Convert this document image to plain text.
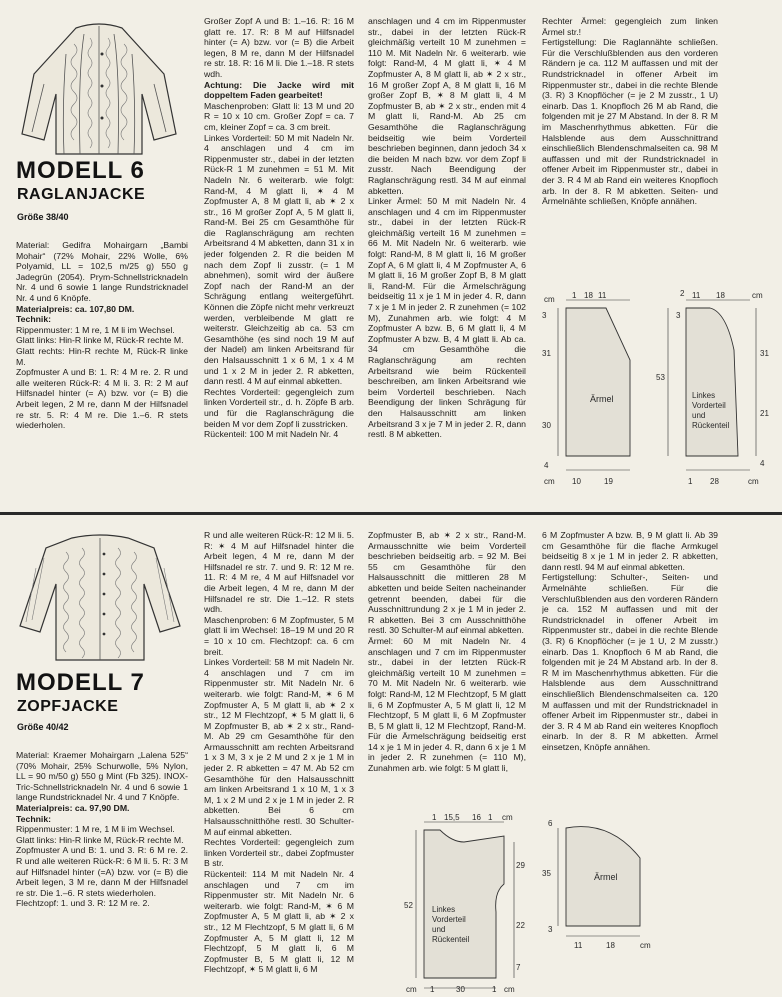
MODELL 6
RAGLANJACKE
Größe 38/40

Material: Gedifra Mohairgarn „Bambi Mohair“ (72% Mohair, 22% Wolle, 6% Polyamid, LL = 102,5 m/25 g) 550 g Jadegrün (2054). Prym-Schnellstricknadeln Nr. 4 und 6 sowie 1 lange Rundstricknadel Nr. 4 und 6 Knöpfe.

Materialpreis: ca. 107,80 DM.

Technik:

Rippenmuster: 1 M re, 1 M li im Wechsel.

Glatt links: Hin-R linke M, Rück-R rechte M.

Glatt rechts: Hin-R rechte M, Rück-R linke M.

Zopfmuster A und B: 1. R: 4 M re. 2. R und alle weiteren Rück-R: 4 M li. 3. R: 2 M auf Hilfsnadel hinter (= A) bzw. vor (= B) die Arbeit legen, 2 M re, dann M der Hilfsnadel re str. 5. R: 4 M re. Die 1.–6. R stets wiederholen.

Großer Zopf A und B: 1.–16. R: 16 M glatt re. 17. R: 8 M auf Hilfsnadel hinter (= A) bzw. vor (= B) die Arbeit legen, 8 M re, dann M der Hilfsnadel re str. 18. R: 16 M li. Die 1.–18. R stets wdh.

Achtung: Die Jacke wird mit doppeltem Faden gearbeitet!

Maschenproben: Glatt li: 13 M und 20 R = 10 x 10 cm. Großer Zopf = ca. 7 cm, kleiner Zopf = ca. 3 cm breit.

Linkes Vorderteil: 50 M mit Nadeln Nr. 4 anschlagen und 4 cm im Rippenmuster str., dabei in der letzten Rück-R 1 M zunehmen = 51 M. Mit Nadeln Nr. 6 weiterarb. wie folgt: Rand-M, 4 M glatt li, ✶ 4 M Zopfmuster A, 8 M glatt li, ab ✶ 2 x str., 16 M großer Zopf A, 5 M glatt li, Rand-M. Bei 25 cm Gesamthöhe für die Raglanschrägung am rechten Arbeitsrand 4 M abketten, dann 31 x in jeder folgenden 2. R die beiden M nach dem Zopf li zusstr. (= 1 M abnehmen), somit wird der äußere Zopf nach der Rand-M an der Schrägung entlang weitergeführt. Können die Zöpfe nicht mehr verkreuzt werden, verbleibende M glatt re weiterstr. Gleichzeitig ab ca. 53 cm Gesamthöhe (es sind noch 19 M auf der Nadel) am linken Arbeitsrand für den Halsausschnitt 1 x 6 M, 1 x 4 M und 1 x 2 M in jeder 2. R abketten, dann restl. 4 M auf einmal abketten.

Rechtes Vorderteil: gegengleich zum linken Vorderteil str., d. h. Zöpfe B arb. und für die Raglanschrägung die beiden M vor dem Zopf li zusstricken.

Rückenteil: 100 M mit Nadeln Nr. 4

anschlagen und 4 cm im Rippenmuster str., dabei in der letzten Rück-R gleichmäßig verteilt 10 M zunehmen = 110 M. Mit Nadeln Nr. 6 weiterarb. wie folgt: Rand-M, 4 M glatt li, ✶ 4 M Zopfmuster A, 8 M glatt li, ab ✶ 2 x str., 16 M großer Zopf A, 8 M glatt li, 16 M großer Zopf B, ✶ 8 M glatt li, 4 M Zopfmuster B, ab ✶ 2 x str., enden mit 4 M glatt li, Rand-M. Ab 25 cm Gesamthöhe die Raglanschrägung beidseitig wie beim Vorderteil beschrieben beginnen, dann jedoch 34 x die beiden M nach bzw. vor dem Zopf li zusstr. Nach Beendigung der Raglanschrägung restl. 34 M auf einmal abketten.

Linker Ärmel: 50 M mit Nadeln Nr. 4 anschlagen und 4 cm im Rippenmuster str., dabei in der letzten Rück-R gleichmäßig verteilt 16 M zunehmen = 66 M. Mit Nadeln Nr. 6 weiterarb. wie folgt: Rand-M, 8 M glatt li, 16 M großer Zopf A, 6 M glatt li, 4 M Zopfmuster A, 6 M glatt li, 16 M großer Zopf B, 8 M glatt li, Rand-M. Für die Ärmelschrägung beidseitig 11 x je 1 M in jeder 4. R, dann 7 x je 1 M in jeder 2. R zunehmen (= 102 M), Zunahmen arb. wie folgt: 4 M Zopfmuster A bzw. B, 6 M glatt li, 4 M Zopfmuster A bzw. B, 4 M glatt li. Ab ca. 34 cm Gesamthöhe die Raglanschrägung am rechten Arbeitsrand wie beim Rückenteil beschreiben, am linken Arbeitsrand wie beim Vorderteil beschrieben. Nach Beendigung der linken Schrägung für den Halsausschnitt am linken Arbeitsrand 3 x je 7 M in jeder 2. R, dann restl. 8 M abketten.

Rechter Ärmel: gegengleich zum linken Ärmel str.!

Fertigstellung: Die Raglannähte schließen. Für die Verschlußblenden aus den vorderen Rändern je ca. 112 M auffassen und mit der Rundstricknadel in offener Arbeit im Rippenmuster str., dabei in die rechte Blende (3. R) 3 Knopflöcher (= je 2 M zusstr., 1 U) einarb. Das 1. Knopfloch 26 M ab Rand, die folgenden mit je 27 M Abstand. In der 8. R M im Maschenrhythmus abketten. Für die Halsblende aus dem Ausschnittrand einschließlich Blendenschmalseiten ca. 98 M auffassen und mit der Rundstricknadel in offener Arbeit im Rippenmuster str., dabei in der 3. R 4 M ab Rand ein weiteres Knopfloch arb. In der 8. R M abketten. Seiten- und Ärmelnähte schließen, Knöpfe annähen.

cm 1 18 11
3
31
30
4
cm 10	19
Ärmel
2 11 18	cm
3
53
31
21
4
1 28	cm
Linkes
Vorderteil
und
Rückenteil
MODELL 7
ZOPFJACKE
Größe 40/42

Material: Kraemer Mohairgarn „Lalena 525“ (70% Mohair, 25% Schurwolle, 5% Nylon, LL = 90 m/50 g) 550 g Mint (Fb 325). INOX-Tric-Schnellstricknadeln Nr. 4 und 6 sowie 1 lange Rundstricknadel Nr. 4 und 7 Knöpfe.

Materialpreis: ca. 97,90 DM.

Technik:

Rippenmuster: 1 M re, 1 M li im Wechsel.

Glatt links: Hin-R linke M, Rück-R rechte M.

Zopfmuster A und B: 1. und 3. R: 6 M re. 2. R und alle weiteren Rück-R: 6 M li. 5. R: 3 M auf Hilfsnadel hinter (=A) bzw. vor (= B) die Arbeit legen, 3 M re, dann M der Hilfsnadel re str. Die 1.–6. R stets wiederholen.

Flechtzopf: 1. und 3. R: 12 M re. 2.

R und alle weiteren Rück-R: 12 M li. 5. R: ✶ 4 M auf Hilfsnadel hinter die Arbeit legen, 4 M re, dann M der Hilfsnadel re str. 7. und 9. R: 12 M re. 11. R: 4 M re, 4 M auf Hilfsnadel vor die Arbeit legen, 4 M re, dann M der Hilfsnadel re str. Die 1.–12. R stets wdh.

Maschenproben: 6 M Zopfmuster, 5 M glatt li im Wechsel: 18–19 M und 20 R = 10 x 10 cm. Flechtzopf: ca. 6 cm breit.

Linkes Vorderteil: 58 M mit Nadeln Nr. 4 anschlagen und 7 cm im Rippenmuster str. Mit Nadeln Nr. 6 weiterarb. wie folgt: Rand-M, ✶ 6 M Zopfmuster A, 5 M glatt li, ab ✶ 2 x str., 12 M Flechtzopf, ✶ 5 M glatt li, 6 M Zopfmuster B, ab ✶ 2 x str., Rand-M. Ab 29 cm Gesamthöhe für den Armausschnitt am rechten Arbeitsrand 1 x 3 M, 3 x je 2 M und 2 x je 1 M in jeder 2. R abketten = 47 M. Ab 52 cm Gesamthöhe für den Halsausschnitt am linken Arbeitsrand 1 x 10 M, 1 x 3 M, 1 x 2 M und 2 x je 1 M in jeder 2. R abketten. Bei 6 cm Halsausschnitthöhe restl. 30 Schulter-M auf einmal abketten.

Rechtes Vorderteil: gegengleich zum linken Vorderteil str., dabei Zopfmuster B str.

Rückenteil: 114 M mit Nadeln Nr. 4 anschlagen und 7 cm im Rippenmuster str. Mit Nadeln Nr. 6 weiterarb. wie folgt: Rand-M, ✶ 6 M Zopfmuster A, 5 M glatt li, ab ✶ 2 x str., 12 M Flechtzopf, 5 M glatt li, 6 M Zopfmuster A, 5 M glatt li, 12 M Flechtzopf, 5 M glatt li, 6 M Zopfmuster B, 5 M glatt li, 12 M Flechtzopf, ✶ 5 M glatt li, 6 M

Zopfmuster B, ab ✶ 2 x str., Rand-M. Armausschnitte wie beim Vorderteil beschrieben beidseitig arb. = 92 M. Bei 55 cm Gesamthöhe für den Halsausschnitt die mittleren 28 M abketten und beide Seiten nacheinander getrennt beenden, dabei für die Ausschnittrundung 2 x je 1 M in jeder 2. R abketten. Bei 3 cm Ausschnitthöhe restl. 30 Schulter-M auf einmal abketten.

Ärmel: 60 M mit Nadeln Nr. 4 anschlagen und 7 cm im Rippenmuster str., dabei in der letzten Rück-R gleichmäßig verteilt 10 M zunehmen = 70 M. Mit Nadeln Nr. 6 weiterarb. wie folgt: Rand-M, 12 M Flechtzopf, 5 M glatt li, 6 M Zopfmuster A, 5 M glatt li, 12 M Flechtzopf, 5 M glatt li, 6 M Zopfmuster B, 5 M glatt li, 12 M Flechtzopf, Rand-M. Für die Ärmelschrägung beidseitig erst 14 x je 1 M in jeder 4. R, dann 6 x je 1 M in jeder 2. R zunehmen (= 110 M), Zunahmen arb. wie folgt: 5 M glatt li,

6 M Zopfmuster A bzw. B, 9 M glatt li. Ab 39 cm Gesamthöhe für die flache Armkugel beidseitig 8 x je 1 M in jeder 2. R abketten, dann restl. 94 M auf einmal abketten.

Fertigstellung: Schulter-, Seiten- und Ärmelnähte schließen. Für die Verschlußblenden aus den vorderen Rändern je ca. 152 M auffassen und mit der Rundstricknadel in offener Arbeit im Rippenmuster str., dabei in die rechte Blende (3. R) 6 Knopflöcher (= je 1 U, 2 M zusstr.) einarb. Das 1. Knopfloch 6 M ab Rand, die folgenden mit je 24 M Abstand arb. In der 8. R M im Maschenrhythmus abketten. Für die Halsblende aus dem Ausschnittrand einschließlich Blendenschmalseiten ca. 120 M auffassen und mit der Rundstricknadel in offener Arbeit im Rippenmuster str., dabei in der 3. R 4 M ab Rand ein weiteres Knopfloch einarb. In der 8. R M abketten. Ärmel einsetzen, Knöpfe annähen.

1 15,5 16 1 cm
29
52
22
7
cm 1	30	1 cm
Linkes
Vorderteil
und
Rückenteil
6
35
3
11	18	cm
Ärmel
